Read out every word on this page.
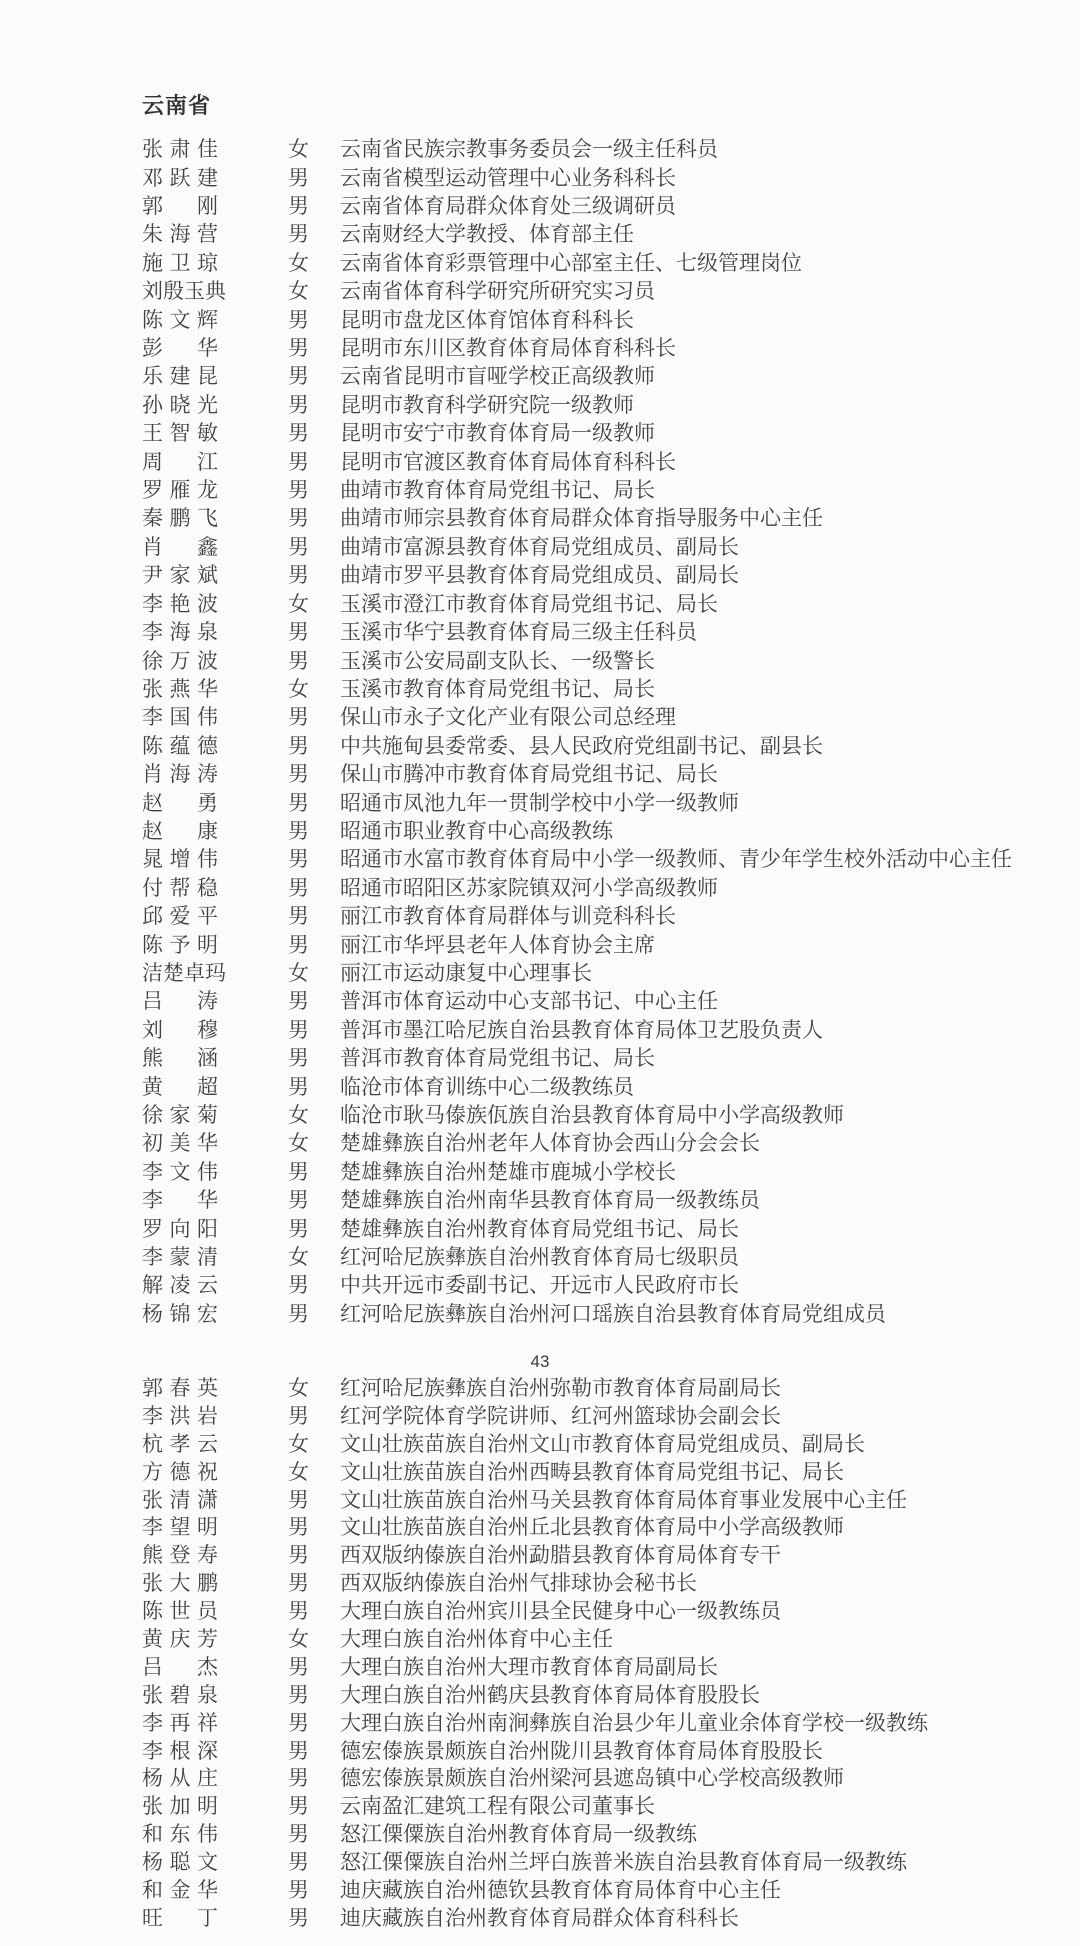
云南省
张肃佳	女 云南省民族宗教事务委员会一级主任科员
邓跃建	男 云南省模型运动管理中心业务科科长
郭 刚	男 云南省体育局群众体育处三级调研员
朱海营	男 云南财经大学教授、体育部主任
施卫琼	女 云南省体育彩票管理中心部室主任、七级管理岗位
刘殷玉典	女 云南省体育科学研究所研究实习员
陈文辉	男 昆明市盘龙区体育馆体育科科长
彭 华	男 昆明市东川区教育体育局体育科科长
乐建昆	男 云南省昆明市盲哑学校正高级教师
孙晓光	男 昆明市教育科学研究院一级教师
王智敏	男 昆明市安宁市教育体育局一级教师
周 江	男 昆明市官渡区教育体育局体育科科长
罗雁龙	男 曲靖市教育体育局党组书记、局长
秦鹏飞	男 曲靖市师宗县教育体育局群众体育指导服务中心主任
肖 鑫	男 曲靖市富源县教育体育局党组成员、副局长
尹家斌	男 曲靖市罗平县教育体育局党组成员、副局长
李艳波	女 玉溪市澄江市教育体育局党组书记、局长
李海泉	男 玉溪市华宁县教育体育局三级主任科员
徐万波	男 玉溪市公安局副支队长、一级警长
张燕华	女 玉溪市教育体育局党组书记、局长
李国伟	男 保山市永子文化产业有限公司总经理
陈蕴德	男 中共施甸县委常委、县人民政府党组副书记、副县长
肖海涛	男 保山市腾冲市教育体育局党组书记、局长
赵 勇	男 昭通市凤池九年一贯制学校中小学一级教师
赵 康	男 昭通市职业教育中心高级教练
晁增伟	男 昭通市水富市教育体育局中小学一级教师、青少年学生校外活动中心主任
付帮稳	男 昭通市昭阳区苏家院镇双河小学高级教师
邱爱平	男 丽江市教育体育局群体与训竞科科长
陈予明	男 丽江市华坪县老年人体育协会主席
洁楚卓玛	女 丽江市运动康复中心理事长
吕 涛	男 普洱市体育运动中心支部书记、中心主任
刘 穆	男 普洱市墨江哈尼族自治县教育体育局体卫艺股负责人
熊 涵	男 普洱市教育体育局党组书记、局长
黄 超	男 临沧市体育训练中心二级教练员
徐家菊	女 临沧市耿马傣族佤族自治县教育体育局中小学高级教师
初美华	女 楚雄彝族自治州老年人体育协会西山分会会长
李文伟	男 楚雄彝族自治州楚雄市鹿城小学校长
李 华	男 楚雄彝族自治州南华县教育体育局一级教练员
罗向阳	男 楚雄彝族自治州教育体育局党组书记、局长
李蒙清	女 红河哈尼族彝族自治州教育体育局七级职员
解凌云	男 中共开远市委副书记、开远市人民政府市长
杨锦宏	男 红河哈尼族彝族自治州河口瑶族自治县教育体育局党组成员
43
郭春英	女 红河哈尼族彝族自治州弥勒市教育体育局副局长
李洪岩	男 红河学院体育学院讲师、红河州篮球协会副会长
杭孝云	女 文山壮族苗族自治州文山市教育体育局党组成员、副局长
方德祝	女 文山壮族苗族自治州西畴县教育体育局党组书记、局长
张清潇	男 文山壮族苗族自治州马关县教育体育局体育事业发展中心主任
李望明	男 文山壮族苗族自治州丘北县教育体育局中小学高级教师
熊登寿	男 西双版纳傣族自治州勐腊县教育体育局体育专干
张大鹏	男 西双版纳傣族自治州气排球协会秘书长
陈世员	男 大理白族自治州宾川县全民健身中心一级教练员
黄庆芳	女 大理白族自治州体育中心主任
吕 杰	男 大理白族自治州大理市教育体育局副局长
张碧泉	男 大理白族自治州鹤庆县教育体育局体育股股长
李再祥	男 大理白族自治州南涧彝族自治县少年儿童业余体育学校一级教练
李根深	男 德宏傣族景颇族自治州陇川县教育体育局体育股股长
杨从庄	男 德宏傣族景颇族自治州梁河县遮岛镇中心学校高级教师
张加明	男 云南盈汇建筑工程有限公司董事长
和东伟	男 怒江傈僳族自治州教育体育局一级教练
杨聪文	男 怒江傈僳族自治州兰坪白族普米族自治县教育体育局一级教练
和金华	男 迪庆藏族自治州德钦县教育体育局体育中心主任
旺 丁	男 迪庆藏族自治州教育体育局群众体育科科长
